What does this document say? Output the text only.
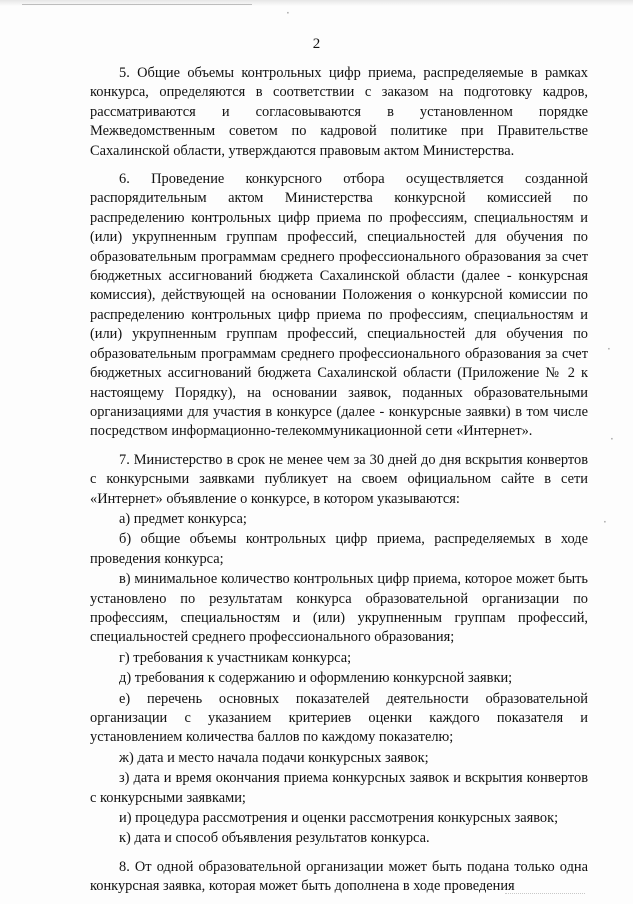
2

5. Общие объемы контрольных цифр приема, распределяемые в рамках конкурса, определяются в соответствии с заказом на подготовку кадров, рассматриваются и согласовываются в установленном порядке Межведомственным советом по кадровой политике при Правительстве Сахалинской области, утверждаются правовым актом Министерства.

6. Проведение конкурсного отбора осуществляется созданной распорядительным актом Министерства конкурсной комиссией по распределению контрольных цифр приема по профессиям, специальностям и (или) укрупненным группам профессий, специальностей для обучения по образовательным программам среднего профессионального образования за счет бюджетных ассигнований бюджета Сахалинской области (далее - конкурсная комиссия), действующей на основании Положения о конкурсной комиссии по распределению контрольных цифр приема по профессиям, специальностям и (или) укрупненным группам профессий, специальностей для обучения по образовательным программам среднего профессионального образования за счет бюджетных ассигнований бюджета Сахалинской области (Приложение № 2 к настоящему Порядку), на основании заявок, поданных образовательными организациями для участия в конкурсе (далее - конкурсные заявки) в том числе посредством информационно-телекоммуникационной сети «Интернет».

7. Министерство в срок не менее чем за 30 дней до дня вскрытия конвертов с конкурсными заявками публикует на своем официальном сайте в сети «Интернет» объявление о конкурсе, в котором указываются:

а) предмет конкурса;

б) общие объемы контрольных цифр приема, распределяемых в ходе проведения конкурса;

в) минимальное количество контрольных цифр приема, которое может быть установлено по результатам конкурса образовательной организации по профессиям, специальностям и (или) укрупненным группам профессий, специальностей среднего профессионального образования;

г) требования к участникам конкурса;

д) требования к содержанию и оформлению конкурсной заявки;

е) перечень основных показателей деятельности образовательной организации с указанием критериев оценки каждого показателя и установлением количества баллов по каждому показателю;

ж) дата и место начала подачи конкурсных заявок;

з) дата и время окончания приема конкурсных заявок и вскрытия конвертов с конкурсными заявками;

и) процедура рассмотрения и оценки рассмотрения конкурсных заявок;

к) дата и способ объявления результатов конкурса.

8. От одной образовательной организации может быть подана только одна конкурсная заявка, которая может быть дополнена в ходе проведения

·
·
·
·
